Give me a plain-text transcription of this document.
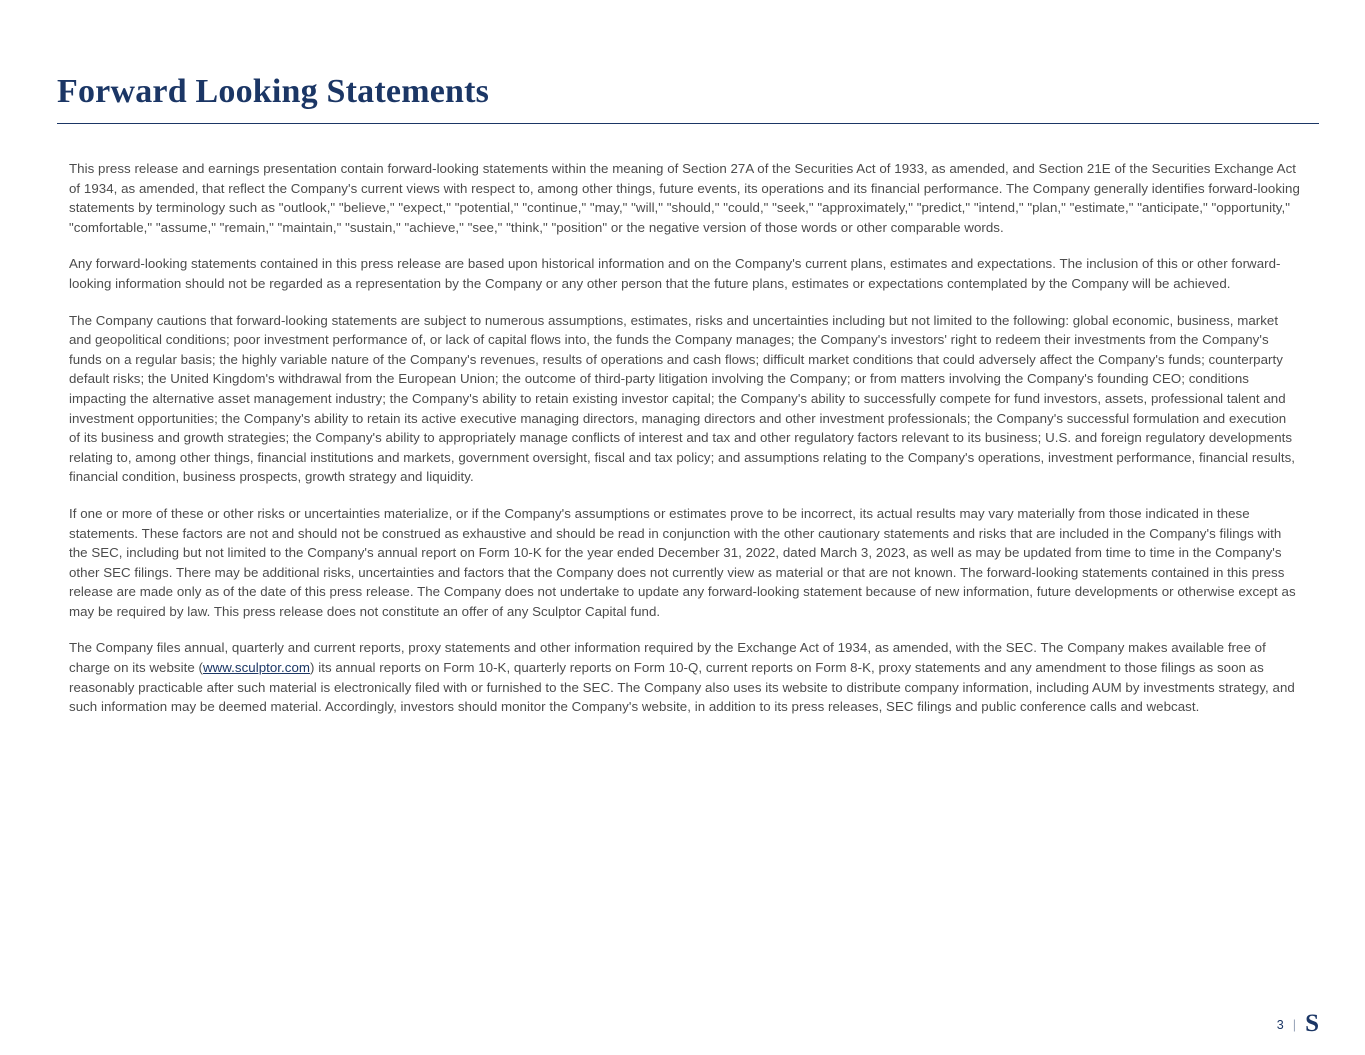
Forward Looking Statements

This press release and earnings presentation contain forward-looking statements within the meaning of Section 27A of the Securities Act of 1933, as amended, and Section 21E of the Securities Exchange Act of 1934, as amended, that reflect the Company's current views with respect to, among other things, future events, its operations and its financial performance. The Company generally identifies forward-looking statements by terminology such as "outlook," "believe," "expect," "potential," "continue," "may," "will," "should," "could," "seek," "approximately," "predict," "intend," "plan," "estimate," "anticipate," "opportunity," "comfortable," "assume," "remain," "maintain," "sustain," "achieve," "see," "think," "position" or the negative version of those words or other comparable words.

Any forward-looking statements contained in this press release are based upon historical information and on the Company's current plans, estimates and expectations. The inclusion of this or other forward-looking information should not be regarded as a representation by the Company or any other person that the future plans, estimates or expectations contemplated by the Company will be achieved.

The Company cautions that forward-looking statements are subject to numerous assumptions, estimates, risks and uncertainties including but not limited to the following: global economic, business, market and geopolitical conditions; poor investment performance of, or lack of capital flows into, the funds the Company manages; the Company's investors' right to redeem their investments from the Company's funds on a regular basis; the highly variable nature of the Company's revenues, results of operations and cash flows; difficult market conditions that could adversely affect the Company's funds; counterparty default risks; the United Kingdom's withdrawal from the European Union; the outcome of third-party litigation involving the Company; or from matters involving the Company's founding CEO; conditions impacting the alternative asset management industry; the Company's ability to retain existing investor capital; the Company's ability to successfully compete for fund investors, assets, professional talent and investment opportunities; the Company's ability to retain its active executive managing directors, managing directors and other investment professionals; the Company's successful formulation and execution of its business and growth strategies; the Company's ability to appropriately manage conflicts of interest and tax and other regulatory factors relevant to its business; U.S. and foreign regulatory developments relating to, among other things, financial institutions and markets, government oversight, fiscal and tax policy; and assumptions relating to the Company's operations, investment performance, financial results, financial condition, business prospects, growth strategy and liquidity.

If one or more of these or other risks or uncertainties materialize, or if the Company's assumptions or estimates prove to be incorrect, its actual results may vary materially from those indicated in these statements. These factors are not and should not be construed as exhaustive and should be read in conjunction with the other cautionary statements and risks that are included in the Company's filings with the SEC, including but not limited to the Company's annual report on Form 10-K for the year ended December 31, 2022, dated March 3, 2023, as well as may be updated from time to time in the Company's other SEC filings. There may be additional risks, uncertainties and factors that the Company does not currently view as material or that are not known. The forward-looking statements contained in this press release are made only as of the date of this press release. The Company does not undertake to update any forward-looking statement because of new information, future developments or otherwise except as may be required by law. This press release does not constitute an offer of any Sculptor Capital fund.

The Company files annual, quarterly and current reports, proxy statements and other information required by the Exchange Act of 1934, as amended, with the SEC. The Company makes available free of charge on its website (www.sculptor.com) its annual reports on Form 10-K, quarterly reports on Form 10-Q, current reports on Form 8-K, proxy statements and any amendment to those filings as soon as reasonably practicable after such material is electronically filed with or furnished to the SEC. The Company also uses its website to distribute company information, including AUM by investments strategy, and such information may be deemed material. Accordingly, investors should monitor the Company's website, in addition to its press releases, SEC filings and public conference calls and webcast.

3 | S
